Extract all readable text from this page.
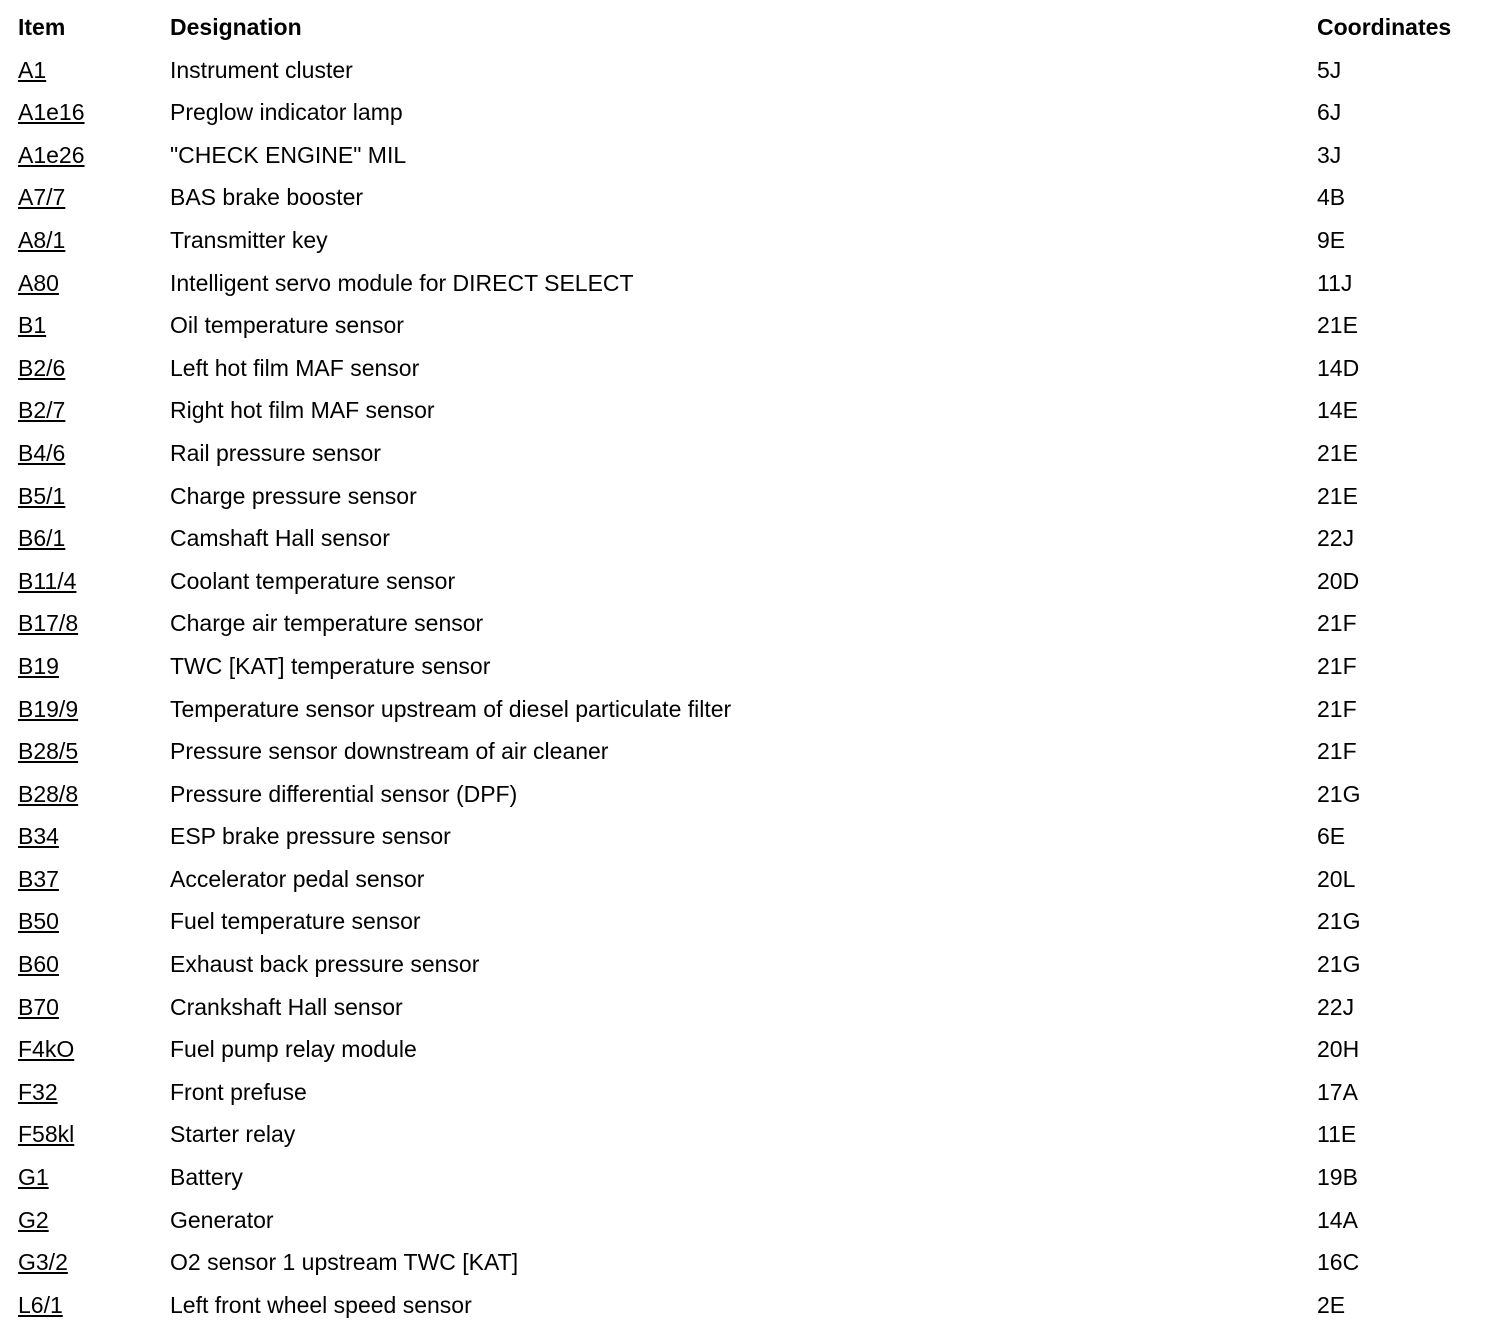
Item	Designation	Coordinates
A1	Instrument cluster	5J
A1e16	Preglow indicator lamp	6J
A1e26	"CHECK ENGINE" MIL	3J
A7/7	BAS brake booster	4B
A8/1	Transmitter key	9E
A80	Intelligent servo module for DIRECT SELECT	11J
B1	Oil temperature sensor	21E
B2/6	Left hot film MAF sensor	14D
B2/7	Right hot film MAF sensor	14E
B4/6	Rail pressure sensor	21E
B5/1	Charge pressure sensor	21E
B6/1	Camshaft Hall sensor	22J
B11/4	Coolant temperature sensor	20D
B17/8	Charge air temperature sensor	21F
B19	TWC [KAT] temperature sensor	21F
B19/9	Temperature sensor upstream of diesel particulate filter	21F
B28/5	Pressure sensor downstream of air cleaner	21F
B28/8	Pressure differential sensor (DPF)	21G
B34	ESP brake pressure sensor	6E
B37	Accelerator pedal sensor	20L
B50	Fuel temperature sensor	21G
B60	Exhaust back pressure sensor	21G
B70	Crankshaft Hall sensor	22J
F4kO	Fuel pump relay module	20H
F32	Front prefuse	17A
F58kl	Starter relay	11E
G1	Battery	19B
G2	Generator	14A
G3/2	O2 sensor 1 upstream TWC [KAT]	16C
L6/1	Left front wheel speed sensor	2E
